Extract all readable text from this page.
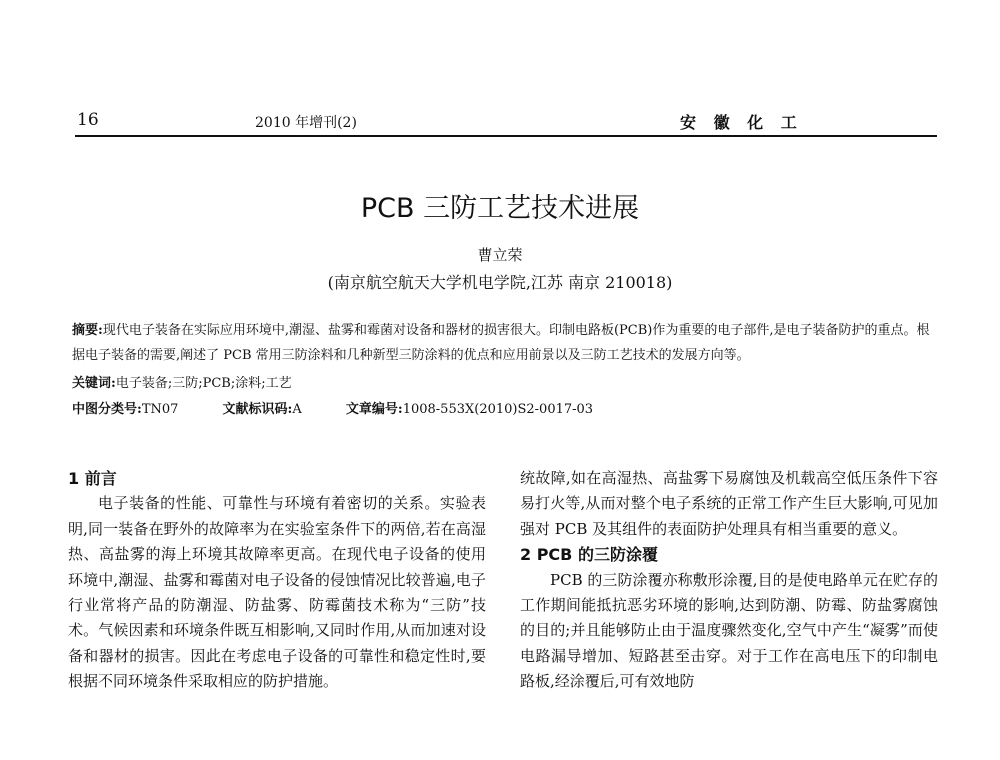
16	2010 年增刊(2)	安 徽 化 工
PCB 三防工艺技术进展
曹立荣
(南京航空航天大学机电学院,江苏 南京 210018)
摘要:现代电子装备在实际应用环境中,潮湿、盐雾和霉菌对设备和器材的损害很大。印制电路板(PCB)作为重要的电子部件,是电子装备防护的重点。根据电子装备的需要,阐述了 PCB 常用三防涂料和几种新型三防涂料的优点和应用前景以及三防工艺技术的发展方向等。
关键词:电子装备;三防;PCB;涂料;工艺
中图分类号:TN07	文献标识码:A	文章编号:1008-553X(2010)S2-0017-03
1 前言
电子装备的性能、可靠性与环境有着密切的关系。实验表明,同一装备在野外的故障率为在实验室条件下的两倍,若在高湿热、高盐雾的海上环境其故障率更高。在现代电子设备的使用环境中,潮湿、盐雾和霉菌对电子设备的侵蚀情况比较普遍,电子行业常将产品的防潮湿、防盐雾、防霉菌技术称为“三防”技术。气候因素和环境条件既互相影响,又同时作用,从而加速对设备和器材的损害。因此在考虑电子设备的可靠性和稳定性时,要根据不同环境条件采取相应的防护措施。
统故障,如在高湿热、高盐雾下易腐蚀及机载高空低压条件下容易打火等,从而对整个电子系统的正常工作产生巨大影响,可见加强对 PCB 及其组件的表面防护处理具有相当重要的意义。
2 PCB 的三防涂覆
PCB 的三防涂覆亦称敷形涂覆,目的是使电路单元在贮存的工作期间能抵抗恶劣环境的影响,达到防潮、防霉、防盐雾腐蚀的目的;并且能够防止由于温度骤然变化,空气中产生“凝雾”而使电路漏导增加、短路甚至击穿。对于工作在高电压下的印制电路板,经涂覆后,可有效地防
